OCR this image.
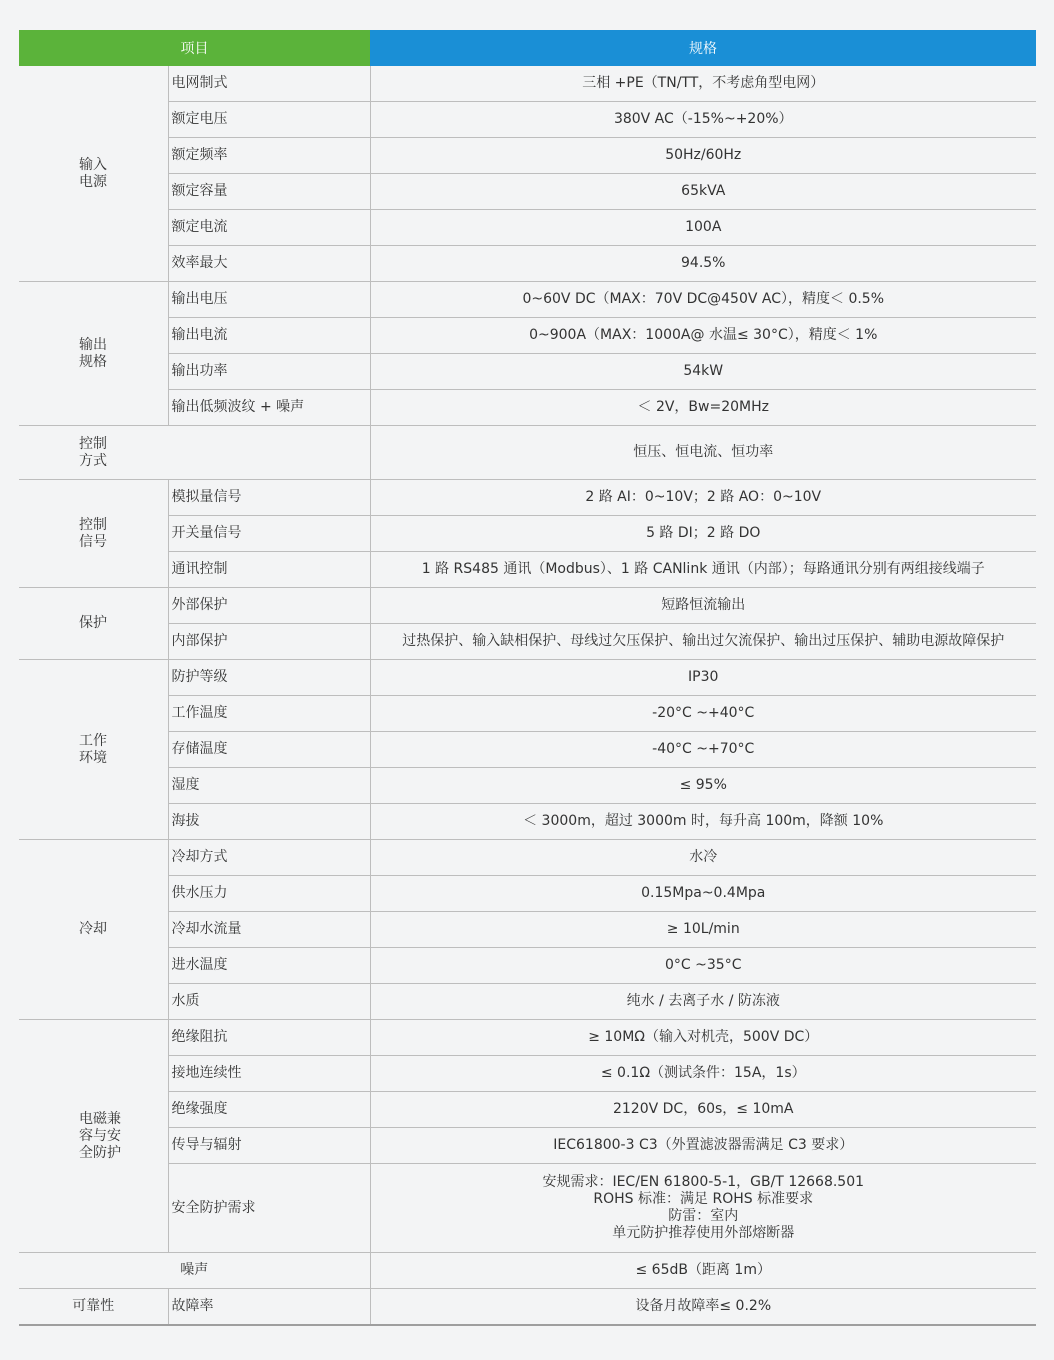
项目		规格

输入
电源	电网制式	三相 +PE（TN/TT，不考虑角型电网）
	额定电压	380V AC（-15%~+20%）
	额定频率	50Hz/60Hz
	额定容量	65kVA
	额定电流	100A
	效率最大	94.5%

输出
规格	输出电压	0~60V DC（MAX：70V DC@450V AC），精度＜ 0.5%
	输出电流	0~900A（MAX：1000A@ 水温≤ 30°C），精度＜ 1%
	输出功率	54kW
	输出低频波纹 + 噪声	＜ 2V，Bw=20MHz

控制
方式		恒压、恒电流、恒功率

控制
信号	模拟量信号	2 路 AI：0~10V；2 路 AO：0~10V
	开关量信号	5 路 DI；2 路 DO
	通讯控制	1 路 RS485 通讯（Modbus）、1 路 CANlink 通讯（内部）；每路通讯分别有两组接线端子

保护	外部保护	短路恒流输出
	内部保护	过热保护、输入缺相保护、母线过欠压保护、输出过欠流保护、输出过压保护、辅助电源故障保护

工作
环境	防护等级	IP30
	工作温度	-20°C ~+40°C
	存储温度	-40°C ~+70°C
	湿度	≤ 95%
	海拔	＜ 3000m，超过 3000m 时，每升高 100m，降额 10%

冷却	冷却方式	水冷
	供水压力	0.15Mpa~0.4Mpa
	冷却水流量	≥ 10L/min
	进水温度	0°C ~35°C
	水质	纯水 / 去离子水 / 防冻液

电磁兼
容与安
全防护	绝缘阻抗	≥ 10MΩ（输入对机壳，500V DC）
	接地连续性	≤ 0.1Ω（测试条件：15A，1s）
	绝缘强度	2120V DC，60s，≤ 10mA
	传导与辐射	IEC61800-3 C3（外置滤波器需满足 C3 要求）
	安全防护需求	安规需求：IEC/EN 61800-5-1，GB/T 12668.501
ROHS 标准：满足 ROHS 标准要求
防雷：室内
单元防护推荐使用外部熔断器

噪声		≤ 65dB（距离 1m）
可靠性	故障率	设备月故障率≤ 0.2%
